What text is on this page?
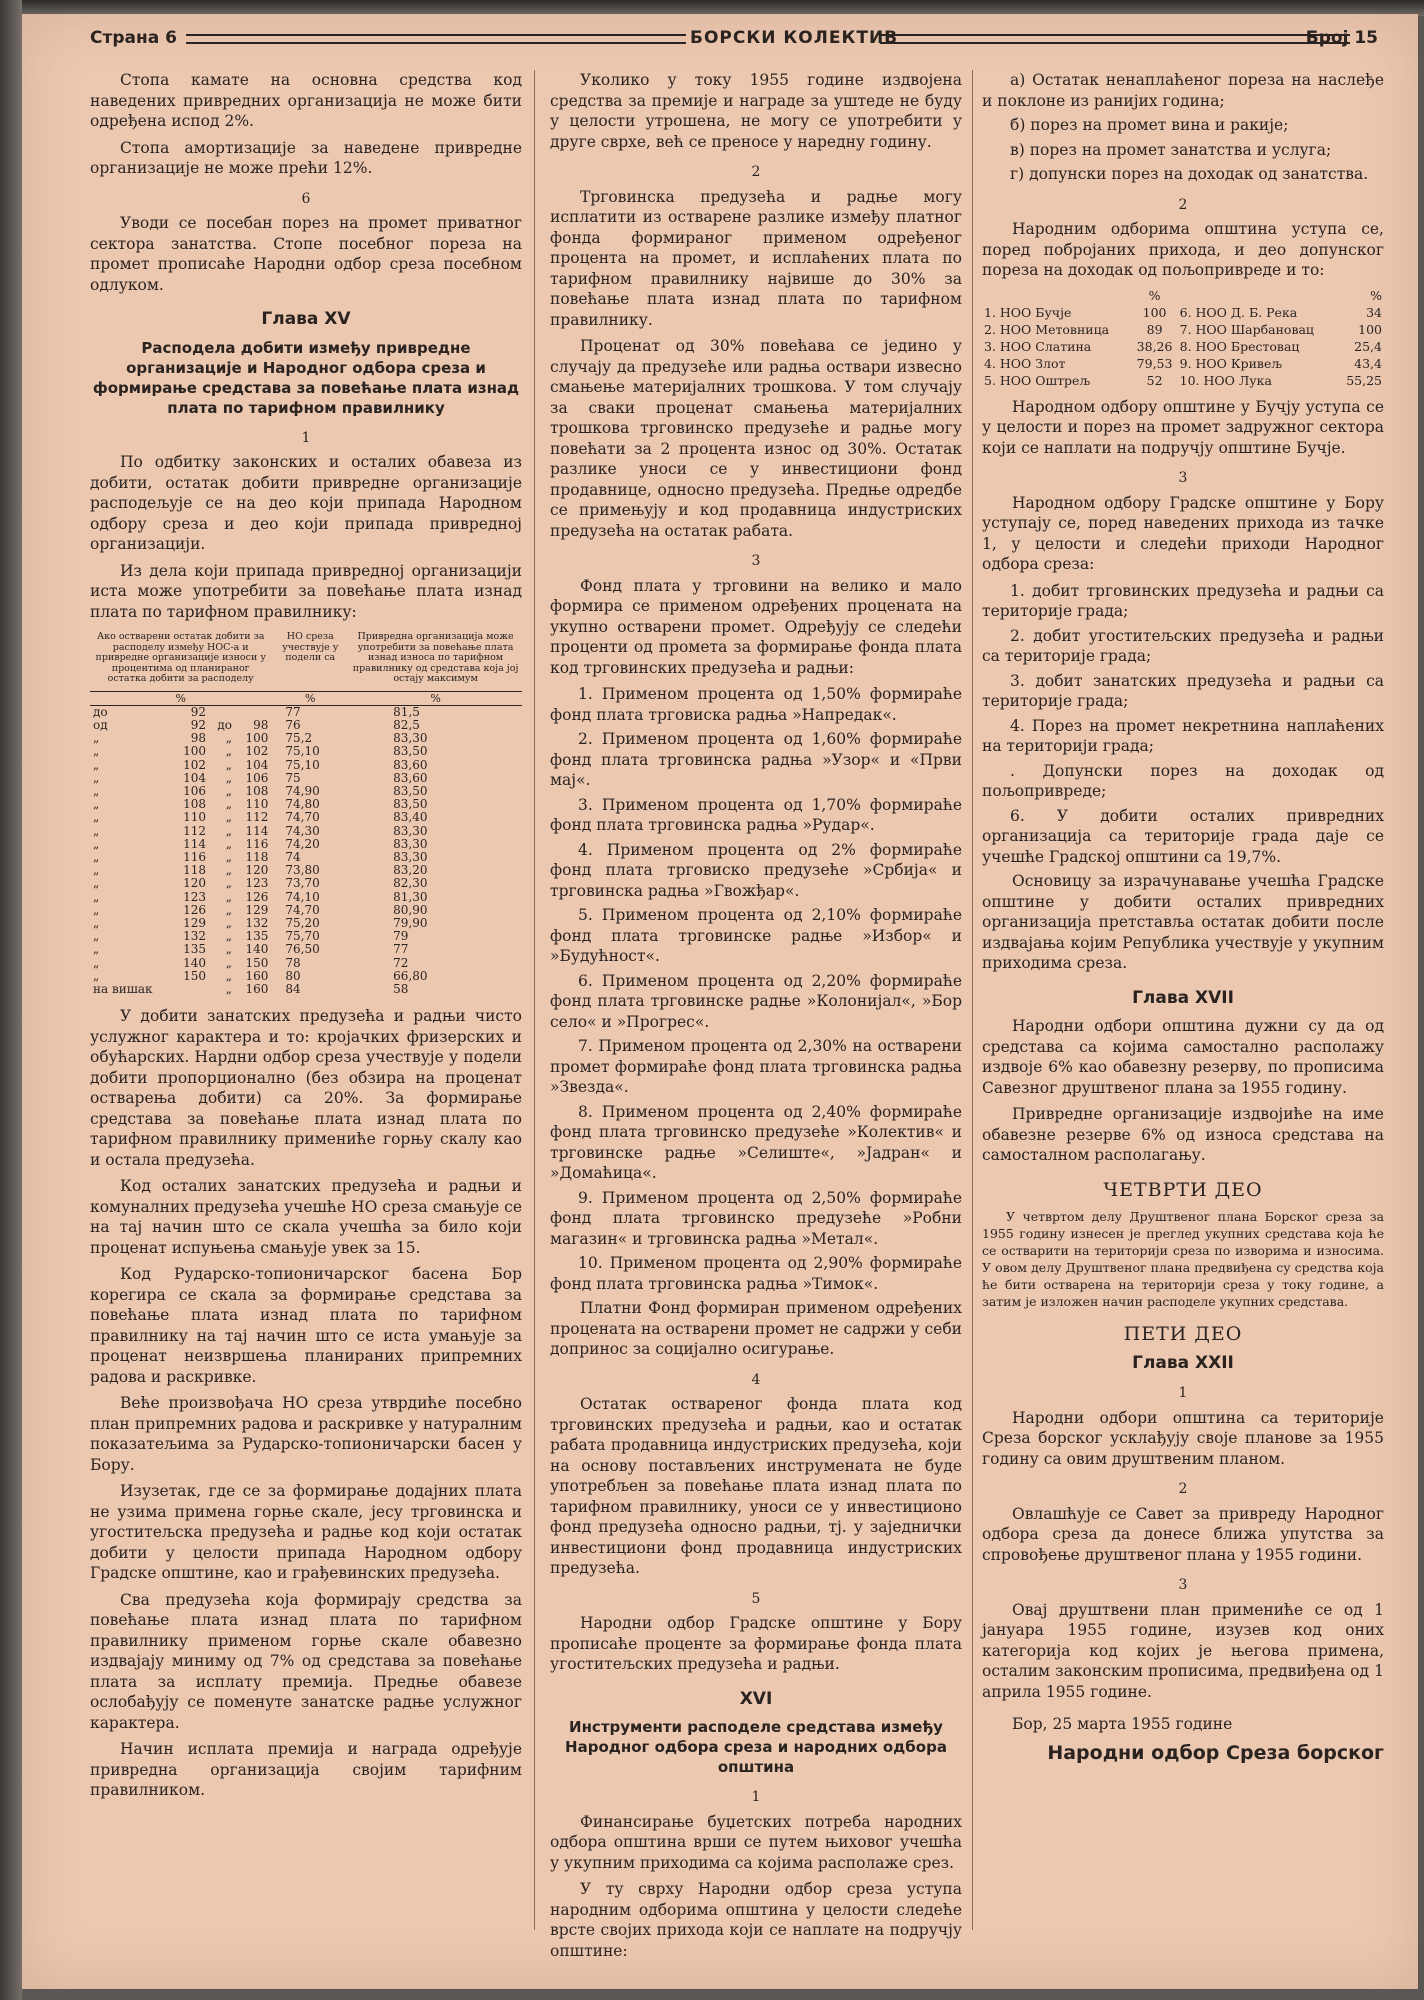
Страна 6	БОРСКИ КОЛЕКТИВ	Број 15

Стопа камате на основна средства код наведених привредних организација не може бити одређена испод 2%.

Стопа амортизације за наведене привредне организације не може прећи 12%.

6

Уводи се посебан порез на промет приватног сектора занатства. Стопе посебног пореза на промет прописаће Народни одбор среза посебном одлуком.

Глава XV

Расподела добити између привредне организације и Народног одбора среза и формирање средстава за повећање плата изнад плата по тарифном правилнику

1

По одбитку законских и осталих обавеза из добити, остатак добити привредне организације расподељује се на део који припада Народном одбору среза и део који припада привредној организацији.

Из дела који припада привредној организацији иста може употребити за повећање плата изнад плата по тарифном правилнику:

Ако остварени остатак добити за расподелу између НОС-а и привредне организације износи у процентима од планираног остатка добити за расподелу				НО среза учествује у подели са	Привредна организација може употребити за повећање плата изнад износа по тарифном правилнику од средстава која јој остају максимум
%				%	%
до	92			77	81,5
од	92	до	98	76	82,5
„	98	„	100	75,2	83,30
„	100	„	102	75,10	83,50
„	102	„	104	75,10	83,60
„	104	„	106	75	83,60
„	106	„	108	74,90	83,50
„	108	„	110	74,80	83,50
„	110	„	112	74,70	83,40
„	112	„	114	74,30	83,30
„	114	„	116	74,20	83,30
„	116	„	118	74	83,30
„	118	„	120	73,80	83,20
„	120	„	123	73,70	82,30
„	123	„	126	74,10	81,30
„	126	„	129	74,70	80,90
„	129	„	132	75,20	79,90
„	132	„	135	75,70	79
„	135	„	140	76,50	77
„	140	„	150	78	72
„	150	„	160	80	66,80
на вишак		„	160	84	58

У добити занатских предузећа и радњи чисто услужног карактера и то: кројачких фризерских и обућарских. Нардни одбор среза учествује у подели добити пропорционално (без обзира на проценат остварења добити) са 20%. За формирање средстава за повећање плата изнад плата по тарифном правилнику примениће горњу скалу као и остала предузећа.

Код осталих занатских предузећа и радњи и комуналних предузећа учешће НО среза смањује се на тај начин што се скала учешћа за било који проценат испуњења смањује увек за 15.

Код Рударско-топионичарског басена Бор корегира се скала за формирање средстава за повећање плата изнад плата по тарифном правилнику на тај начин што се иста умањује за проценат неизвршења планираних припремних радова и раскривке.

Веће произвођача НО среза утврдиће посебно план припремних радова и раскривке у натуралним показатељима за Рударско-топионичарски басен у Бору.

Изузетак, где се за формирање додајних плата не узима примена горње скале, јесу трговинска и угоститељска предузећа и радње код који остатак добити у целости припада Народном одбору Градске општине, као и грађевинских предузећа.

Сва предузећа која формирају средства за повећање плата изнад плата по тарифном правилнику применом горње скале обавезно издвајају миниму од 7% од средстава за повећање плата за исплату премија. Предње обавезе ослобађују се поменуте занатске радње услужног карактера.

Начин исплата премија и награда одређује привредна организација својим тарифним правилником.

Уколико у току 1955 године издвојена средства за премије и награде за уштеде не буду у целости утрошена, не могу се употребити у друге сврхе, већ се преносе у наредну годину.

2

Трговинска предузећа и радње могу исплатити из остварене разлике између платног фонда формираног применом одређеног процента на промет, и исплаћених плата по тарифном правилнику највише до 30% за повећање плата изнад плата по тарифном правилнику.

Проценат од 30% повећава се једино у случају да предузеће или радња оствари извесно смањење материјалних трошкова. У том случају за сваки проценат смањења материјалних трошкова трговинско предузеће и радње могу повећати за 2 процента износ од 30%. Остатак разлике уноси се у инвестициони фонд продавнице, односно предузећа. Предње одредбе се примењују и код продавница индустриских предузећа на остатак рабата.

3

Фонд плата у трговини на велико и мало формира се применом одређених процената на укупно остварени промет. Одређују се следећи проценти од промета за формирање фонда плата код трговинских предузећа и радњи:

1. Применом процента од 1,50% формираће фонд плата трговиска радња »Напредак«.

2. Применом процента од 1,60% формираће фонд плата трговинска радња »Узор« и «Први мај«.

3. Применом процента од 1,70% формираће фонд плата трговинска радња »Рудар«.

4. Применом процента од 2% формираће фонд плата трговиско предузеће »Србија« и трговинска радња »Гвожђар«.

5. Применом процента од 2,10% формираће фонд плата трговинске радње »Избор« и »Будућност«.

6. Применом процента од 2,20% формираће фонд плата трговинске радње »Колонијал«, »Бор село« и »Прогрес«.

7. Применом процента од 2,30% на остварени промет формираће фонд плата трговинска радња »Звезда«.

8. Применом процента од 2,40% формираће фонд плата трговинско предузеће »Колектив« и трговинске радње »Селиште«, »Јадран« и »Домаћица«.

9. Применом процента од 2,50% формираће фонд плата трговинско предузеће »Робни магазин« и трговинска радња »Метал«.

10. Применом процента од 2,90% формираће фонд плата трговинска радња »Тимок«.

Платни Фонд формиран применом одређених процената на остварени промет не садржи у себи допринос за социјално осигурање.

4

Остатак оствареног фонда плата код трговинских предузећа и радњи, као и остатак рабата продавница индустриских предузећа, који на основу постављених инструмената не буде употребљен за повећање плата изнад плата по тарифном правилнику, уноси се у инвестиционо фонд предузећа односно радњи, тј. у заједнички инвестициони фонд продавница индустриских предузећа.

5

Народни одбор Градске општине у Бору прописаће проценте за формирање фонда плата угоститељских предузећа и радњи.

XVI

Инструменти расподеле средстава између Народног одбора среза и народних одбора општина

1

Финансирање буџетских потреба народних одбора општина врши се путем њиховог учешћа у укупним приходима са којима располаже срез.

У ту сврху Народни одбор среза уступа народним одборима општина у целости следеће врсте својих прихода који се наплате на подручју општине:

а) Остатак ненаплаћеног пореза на наслеђе и поклоне из ранијих година;

б) порез на промет вина и ракије;

в) порез на промет занатства и услуга;

г) допунски порез на доходак од занатства.

2

Народним одборима општина уступа се, поред побројаних прихода, и део допунског пореза на доходак од пољопривреде и то:

	%		%
1. НОО Бучје	100	6. НОО Д. Б. Река	34
2. НОО Метовница	89	7. НОО Шарбановац	100
3. НОО Слатина	38,26	8. НОО Брестовац	25,4
4. НОО Злот	79,53	9. НОО Кривељ	43,4
5. НОО Оштрељ	52	10. НОО Лука	55,25

Народном одбору општине у Бучју уступа се у целости и порез на промет задружног сектора који се наплати на подручју општине Бучје.

3

Народном одбору Градске општине у Бору уступају се, поред наведених прихода из тачке 1, у целости и следећи приходи Народног одбора среза:

1. добит трговинских предузећа и радњи са територије града;

2. добит угоститељских предузећа и радњи са територије града;

3. добит занатских предузећа и радњи са територије града;

4. Порез на промет некретнина наплаћених на територији града;

. Допунски порез на доходак од пољопривреде;

6. У добити осталих привредних организација са територије града даје се учешће Градској општини са 19,7%.

Основицу за израчунавање учешћа Градске општине у добити осталих привредних организација претставља остатак добити после издвајања којим Република учествује у укупним приходима среза.

Глава XVII

Народни одбори општина дужни су да од средстава са којима самостално располажу издвоје 6% као обавезну резерву, по прописима Савезног друштвеног плана за 1955 годину.

Привредне организације издвојиће на име обавезне резерве 6% од износа средстава на самосталном располагању.

ЧЕТВРТИ ДЕО

У четвртом делу Друштвеног плана Борског среза за 1955 годину изнесен је преглед укупних средстава која ће се остварити на територији среза по изворима и износима. У овом делу Друштвеног плана предвиђена су средства која ће бити остварена на територији среза у току године, а затим је изложен начин расподеле укупних средстава.

ПЕТИ ДЕО

Глава XXII

1

Народни одбори општина са територије Среза борског усклађују своје планове за 1955 годину са овим друштвеним планом.

2

Овлашћује се Савет за привреду Народног одбора среза да донесе ближа упутства за спровођење друштвеног плана у 1955 години.

3

Овај друштвени план примениће се од 1 јануара 1955 године, изузев код оних категорија код којих је његова примена, осталим законским прописима, предвиђена од 1 априла 1955 године.

Бор, 25 марта 1955 године

Народни одбор Среза борског
